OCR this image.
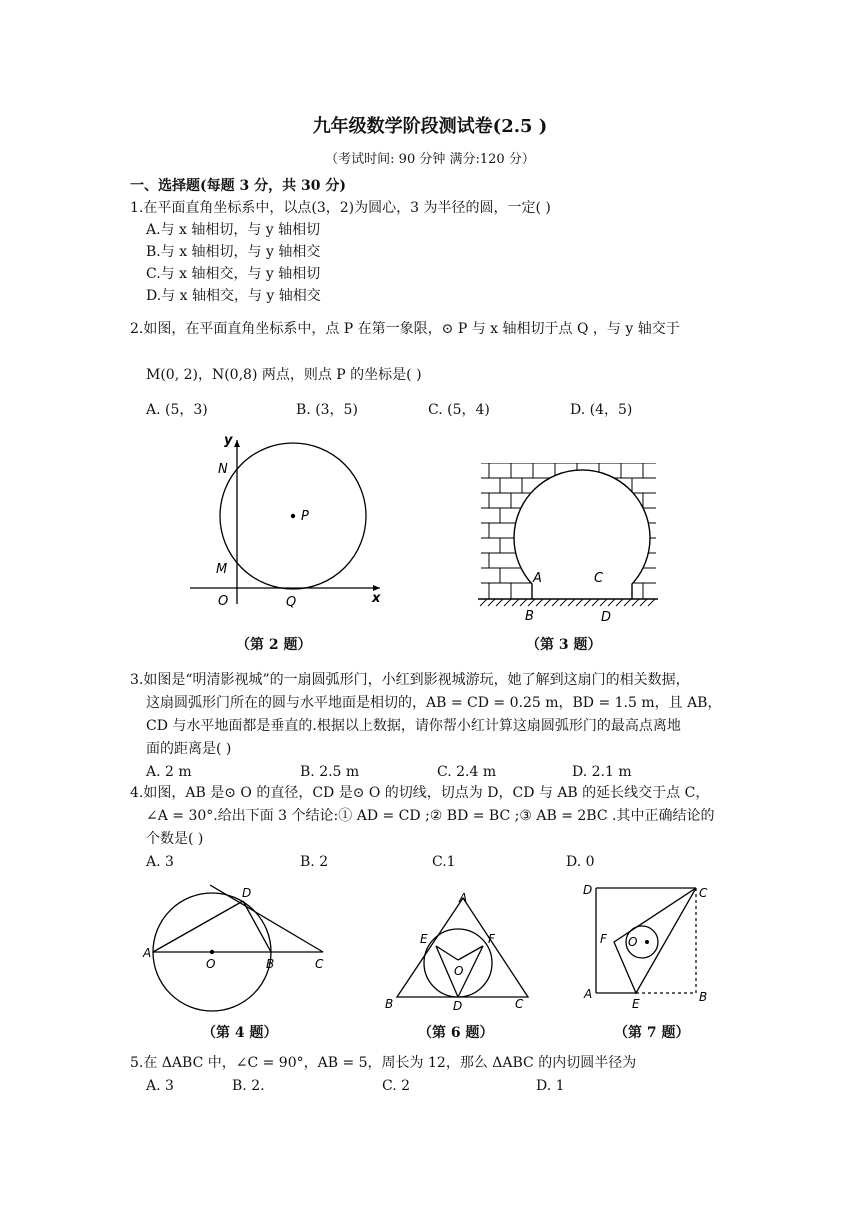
九年级数学阶段测试卷(2.5 )
（考试时间: 90 分钟 满分:120 分）
一、选择题(每题 3 分，共 30 分)
1.在平面直角坐标系中，以点(3，2)为圆心，3 为半径的圆，一定( )
A.与 x 轴相切，与 y 轴相切
B.与 x 轴相切，与 y 轴相交
C.与 x 轴相交，与 y 轴相切
D.与 x 轴相交，与 y 轴相交
2.如图，在平面直角坐标系中，点 P 在第一象限，⊙ P 与 x 轴相切于点 Q ，与 y 轴交于
M(0, 2)，N(0,8) 两点，则点 P 的坐标是( )
A. (5，3)	B. (3，5)	C. (5，4)	D. (4，5)
y
N
P
M
O	Q	x
（第 2 题）
A	C
B	D
（第 3 题）
3.如图是“明清影视城”的一扇圆弧形门，小红到影视城游玩，她了解到这扇门的相关数据，
这扇圆弧形门所在的圆与水平地面是相切的，AB = CD = 0.25 m，BD = 1.5 m，且 AB，
CD 与水平地面都是垂直的.根据以上数据，请你帮小红计算这扇圆弧形门的最高点离地
面的距离是( )
A. 2 m	B. 2.5 m	C. 2.4 m	D. 2.1 m
4.如图，AB 是⊙ O 的直径，CD 是⊙ O 的切线，切点为 D，CD 与 AB 的延长线交于点 C，
∠A = 30°.给出下面 3 个结论:① AD = CD ;② BD = BC ;③ AB = 2BC .其中正确结论的
个数是( )
A. 3	B. 2	C.1	D. 0
D
A
O	B	C
（第 4 题）
A
E	F
O
B	D	C
（第 6 题）
D	C
F O
A
E	B
（第 7 题）
5.在 ΔABC 中，∠C = 90°，AB = 5，周长为 12，那么 ΔABC 的内切圆半径为
A. 3	B. 2.	C. 2	D. 1
